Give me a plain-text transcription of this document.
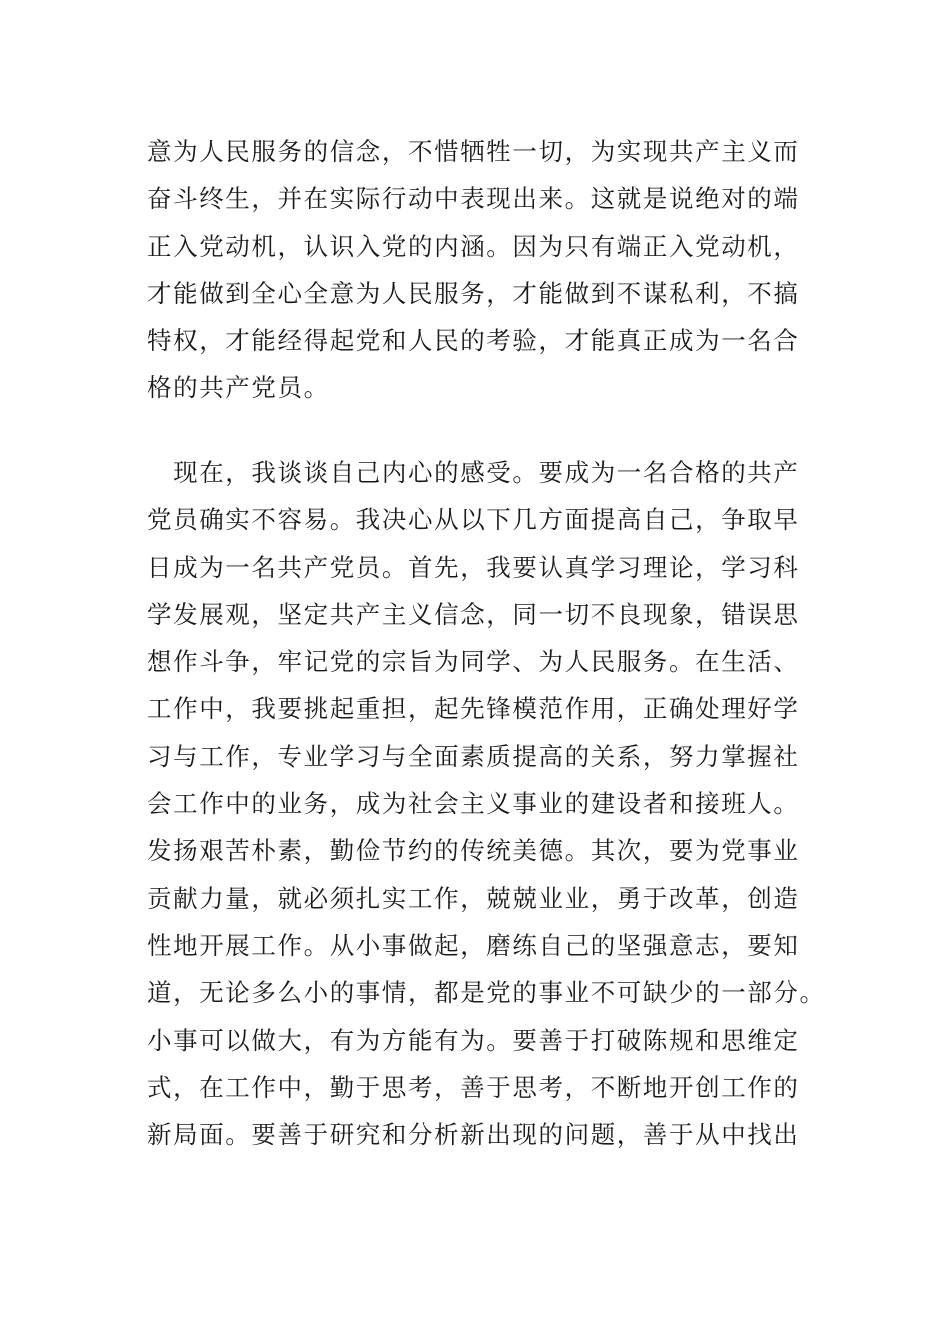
意为人民服务的信念，不惜牺牲一切，为实现共产主义而
奋斗终生，并在实际行动中表现出来。这就是说绝对的端
正入党动机，认识入党的内涵。因为只有端正入党动机，
才能做到全心全意为人民服务，才能做到不谋私利，不搞
特权，才能经得起党和人民的考验，才能真正成为一名合
格的共产党员。
　现在，我谈谈自己内心的感受。要成为一名合格的共产
党员确实不容易。我决心从以下几方面提高自己，争取早
日成为一名共产党员。首先，我要认真学习理论，学习科
学发展观，坚定共产主义信念，同一切不良现象，错误思
想作斗争，牢记党的宗旨为同学、为人民服务。在生活、
工作中，我要挑起重担，起先锋模范作用，正确处理好学
习与工作，专业学习与全面素质提高的关系，努力掌握社
会工作中的业务，成为社会主义事业的建设者和接班人。
发扬艰苦朴素，勤俭节约的传统美德。其次，要为党事业
贡献力量，就必须扎实工作，兢兢业业，勇于改革，创造
性地开展工作。从小事做起，磨练自己的坚强意志，要知
道，无论多么小的事情，都是党的事业不可缺少的一部分。
小事可以做大，有为方能有为。要善于打破陈规和思维定
式，在工作中，勤于思考，善于思考，不断地开创工作的
新局面。要善于研究和分析新出现的问题，善于从中找出
